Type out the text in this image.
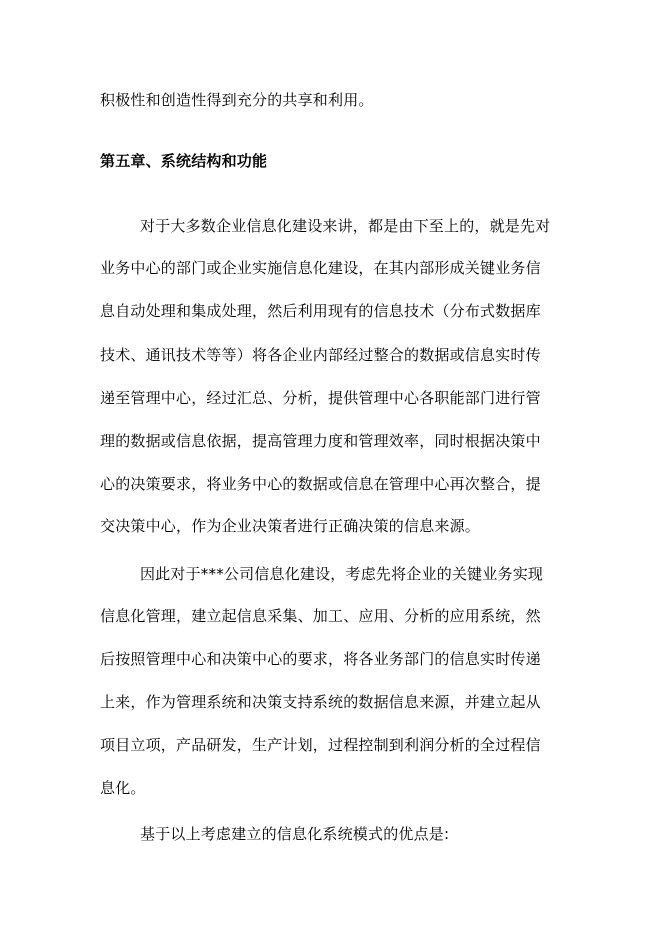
积极性和创造性得到充分的共享和利用。
第五章、系统结构和功能
对于大多数企业信息化建设来讲，都是由下至上的，就是先对
业务中心的部门或企业实施信息化建设，在其内部形成关键业务信
息自动处理和集成处理，然后利用现有的信息技术（分布式数据库
技术、通讯技术等等）将各企业内部经过整合的数据或信息实时传
递至管理中心，经过汇总、分析，提供管理中心各职能部门进行管
理的数据或信息依据，提高管理力度和管理效率，同时根据决策中
心的决策要求，将业务中心的数据或信息在管理中心再次整合，提
交决策中心，作为企业决策者进行正确决策的信息来源。
因此对于***公司信息化建设，考虑先将企业的关键业务实现
信息化管理，建立起信息采集、加工、应用、分析的应用系统，然
后按照管理中心和决策中心的要求，将各业务部门的信息实时传递
上来，作为管理系统和决策支持系统的数据信息来源，并建立起从
项目立项，产品研发，生产计划，过程控制到利润分析的全过程信
息化。
基于以上考虑建立的信息化系统模式的优点是:
